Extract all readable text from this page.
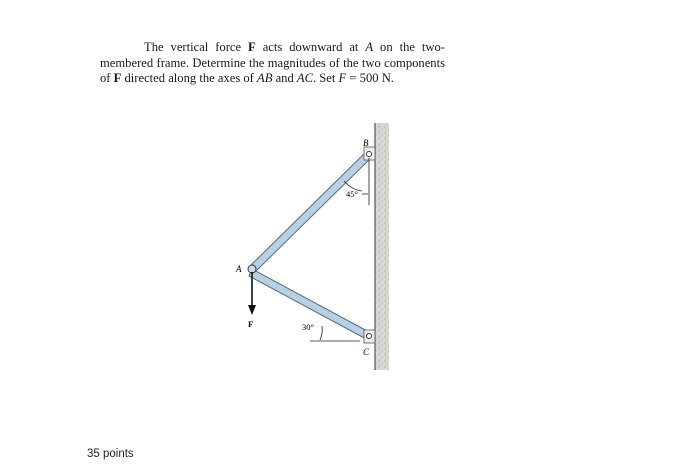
The vertical force F acts downward at A on the two-membered frame. Determine the magnitudes of the two components of F directed along the axes of AB and AC. Set F = 500 N.

B
C
A
F
45°
30°
35 points
